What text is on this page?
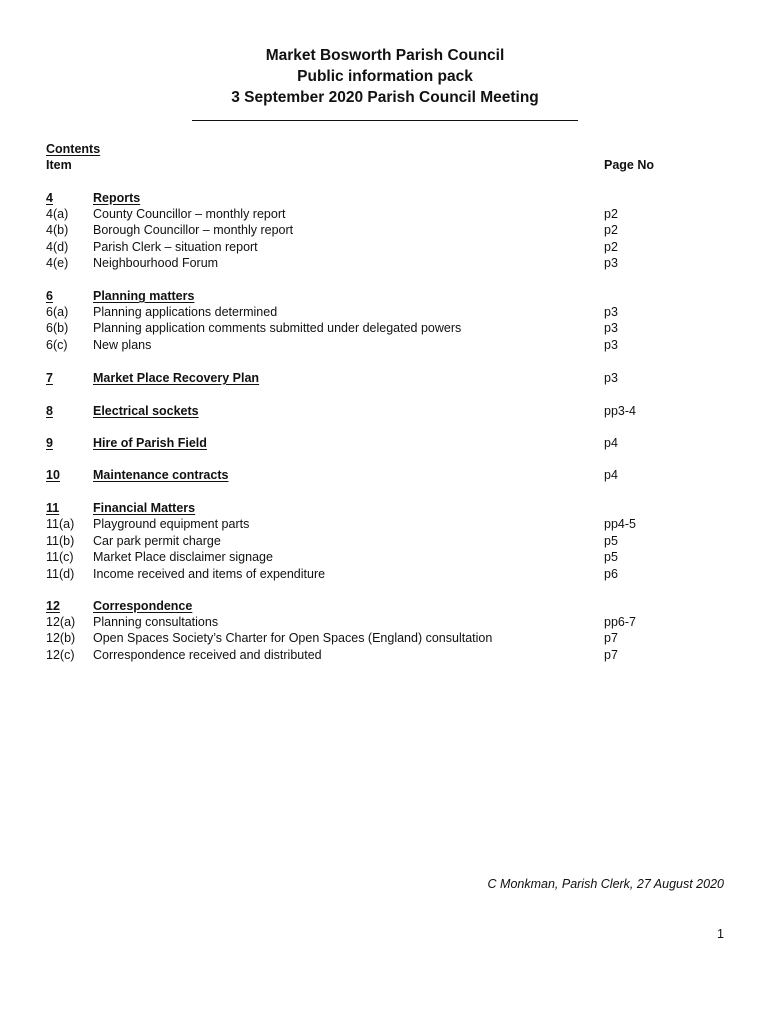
Market Bosworth Parish Council
Public information pack
3 September 2020 Parish Council Meeting
Contents
Item	Page No
4	Reports
4(a) County Councillor – monthly report	p2
4(b) Borough Councillor – monthly report	p2
4(d) Parish Clerk – situation report	p2
4(e) Neighbourhood Forum	p3
6	Planning matters
6(a) Planning applications determined	p3
6(b) Planning application comments submitted under delegated powers	p3
6(c) New plans	p3
7	Market Place Recovery Plan	p3
8	Electrical sockets	pp3-4
9	Hire of Parish Field	p4
10	Maintenance contracts	p4
11	Financial Matters
11(a) Playground equipment parts	pp4-5
11(b) Car park permit charge	p5
11(c) Market Place disclaimer signage	p5
11(d) Income received and items of expenditure	p6
12	Correspondence
12(a) Planning consultations	pp6-7
12(b) Open Spaces Society’s Charter for Open Spaces (England) consultation	p7
12(c) Correspondence received and distributed	p7
C Monkman, Parish Clerk, 27 August 2020
1
